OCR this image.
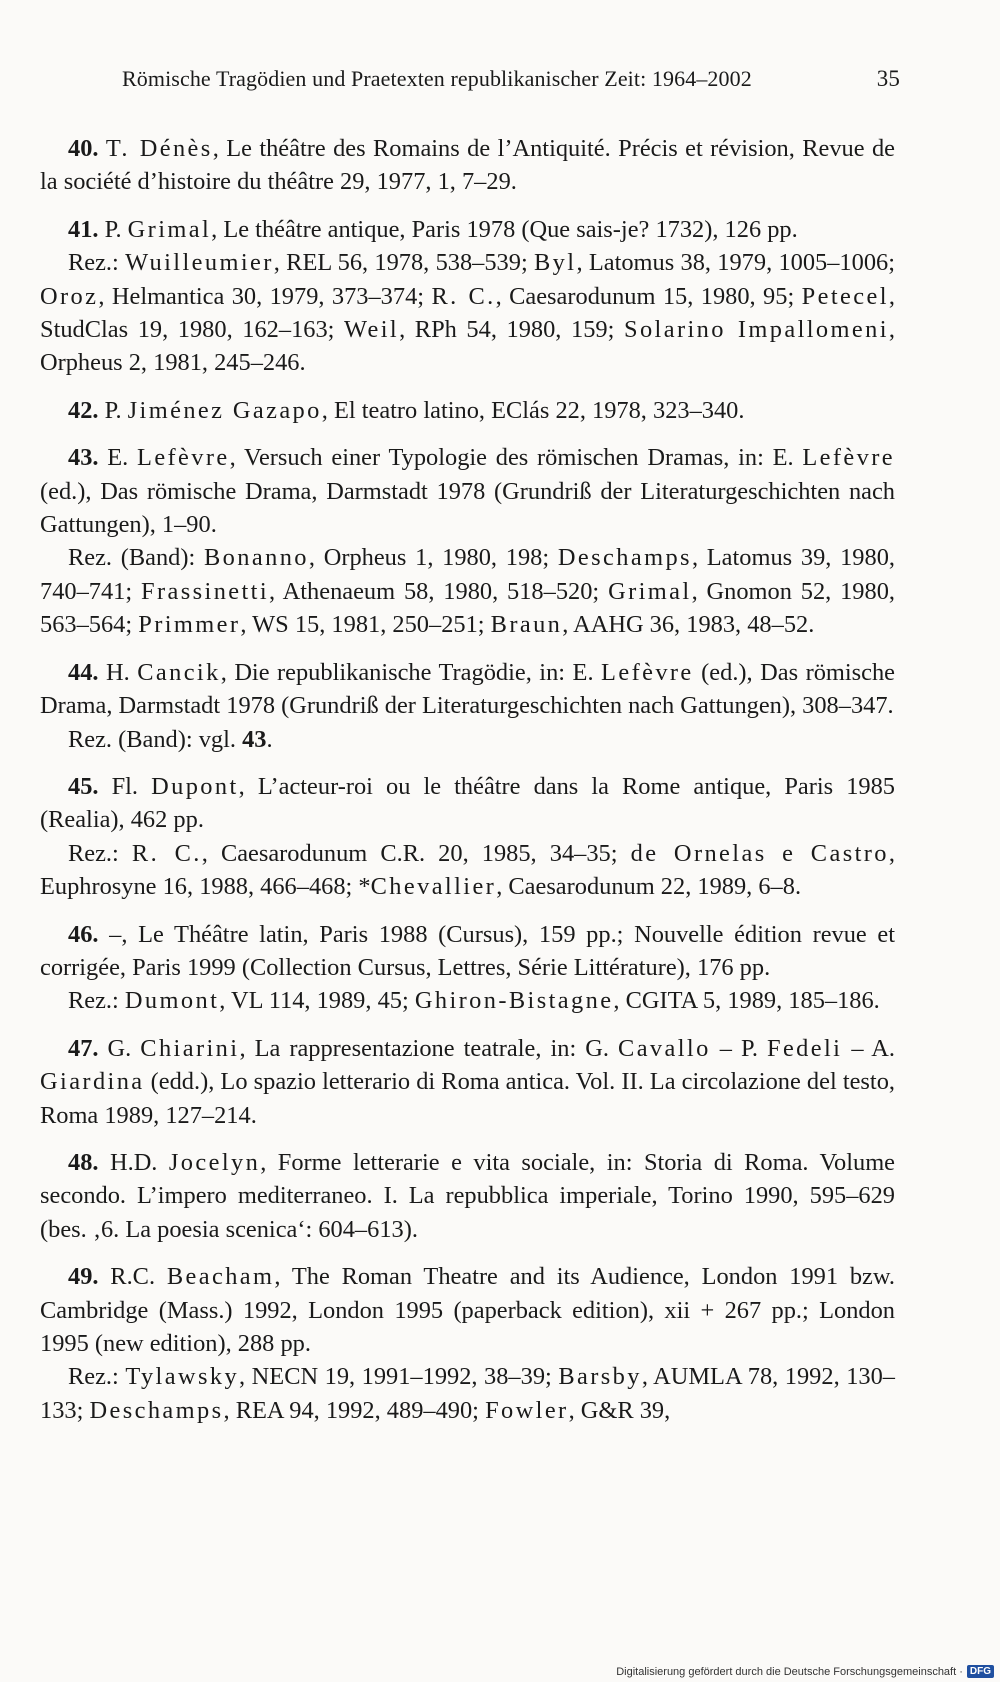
Römische Tragödien und Praetexten republikanischer Zeit: 1964–2002	35

40. T. Dénès, Le théâtre des Romains de l’Antiquité. Précis et révision, Revue de la société d’histoire du théâtre 29, 1977, 1, 7–29.

41. P. Grimal, Le théâtre antique, Paris 1978 (Que sais-je? 1732), 126 pp.

Rez.: Wuilleumier, REL 56, 1978, 538–539; Byl, Latomus 38, 1979, 1005–1006; Oroz, Helmantica 30, 1979, 373–374; R. C., Caesarodunum 15, 1980, 95; Petecel, StudClas 19, 1980, 162–163; Weil, RPh 54, 1980, 159; Solarino Impallomeni, Orpheus 2, 1981, 245–246.

42. P. Jiménez Gazapo, El teatro latino, EClás 22, 1978, 323–340.

43. E. Lefèvre, Versuch einer Typologie des römischen Dramas, in: E. Lefèvre (ed.), Das römische Drama, Darmstadt 1978 (Grundriß der Literaturgeschichten nach Gattungen), 1–90.

Rez. (Band): Bonanno, Orpheus 1, 1980, 198; Deschamps, Latomus 39, 1980, 740–741; Frassinetti, Athenaeum 58, 1980, 518–520; Grimal, Gnomon 52, 1980, 563–564; Primmer, WS 15, 1981, 250–251; Braun, AAHG 36, 1983, 48–52.

44. H. Cancik, Die republikanische Tragödie, in: E. Lefèvre (ed.), Das römische Drama, Darmstadt 1978 (Grundriß der Literaturgeschichten nach Gattungen), 308–347.

Rez. (Band): vgl. 43.

45. Fl. Dupont, L’acteur-roi ou le théâtre dans la Rome antique, Paris 1985 (Realia), 462 pp.

Rez.: R. C., Caesarodunum C.R. 20, 1985, 34–35; de Ornelas e Castro, Euphrosyne 16, 1988, 466–468; *Chevallier, Caesarodunum 22, 1989, 6–8.

46. –, Le Théâtre latin, Paris 1988 (Cursus), 159 pp.; Nouvelle édition revue et corrigée, Paris 1999 (Collection Cursus, Lettres, Série Littérature), 176 pp.

Rez.: Dumont, VL 114, 1989, 45; Ghiron-Bistagne, CGITA 5, 1989, 185–186.

47. G. Chiarini, La rappresentazione teatrale, in: G. Cavallo – P. Fedeli – A. Giardina (edd.), Lo spazio letterario di Roma antica. Vol. II. La circolazione del testo, Roma 1989, 127–214.

48. H.D. Jocelyn, Forme letterarie e vita sociale, in: Storia di Roma. Volume secondo. L’impero mediterraneo. I. La repubblica imperiale, Torino 1990, 595–629 (bes. ‚6. La poesia scenica‘: 604–613).

49. R.C. Beacham, The Roman Theatre and its Audience, London 1991 bzw. Cambridge (Mass.) 1992, London 1995 (paperback edition), xii + 267 pp.; London 1995 (new edition), 288 pp.

Rez.: Tylawsky, NECN 19, 1991–1992, 38–39; Barsby, AUMLA 78, 1992, 130–133; Deschamps, REA 94, 1992, 489–490; Fowler, G&R 39,

Digitalisierung gefördert durch die Deutsche Forschungsgemeinschaft · DFG
